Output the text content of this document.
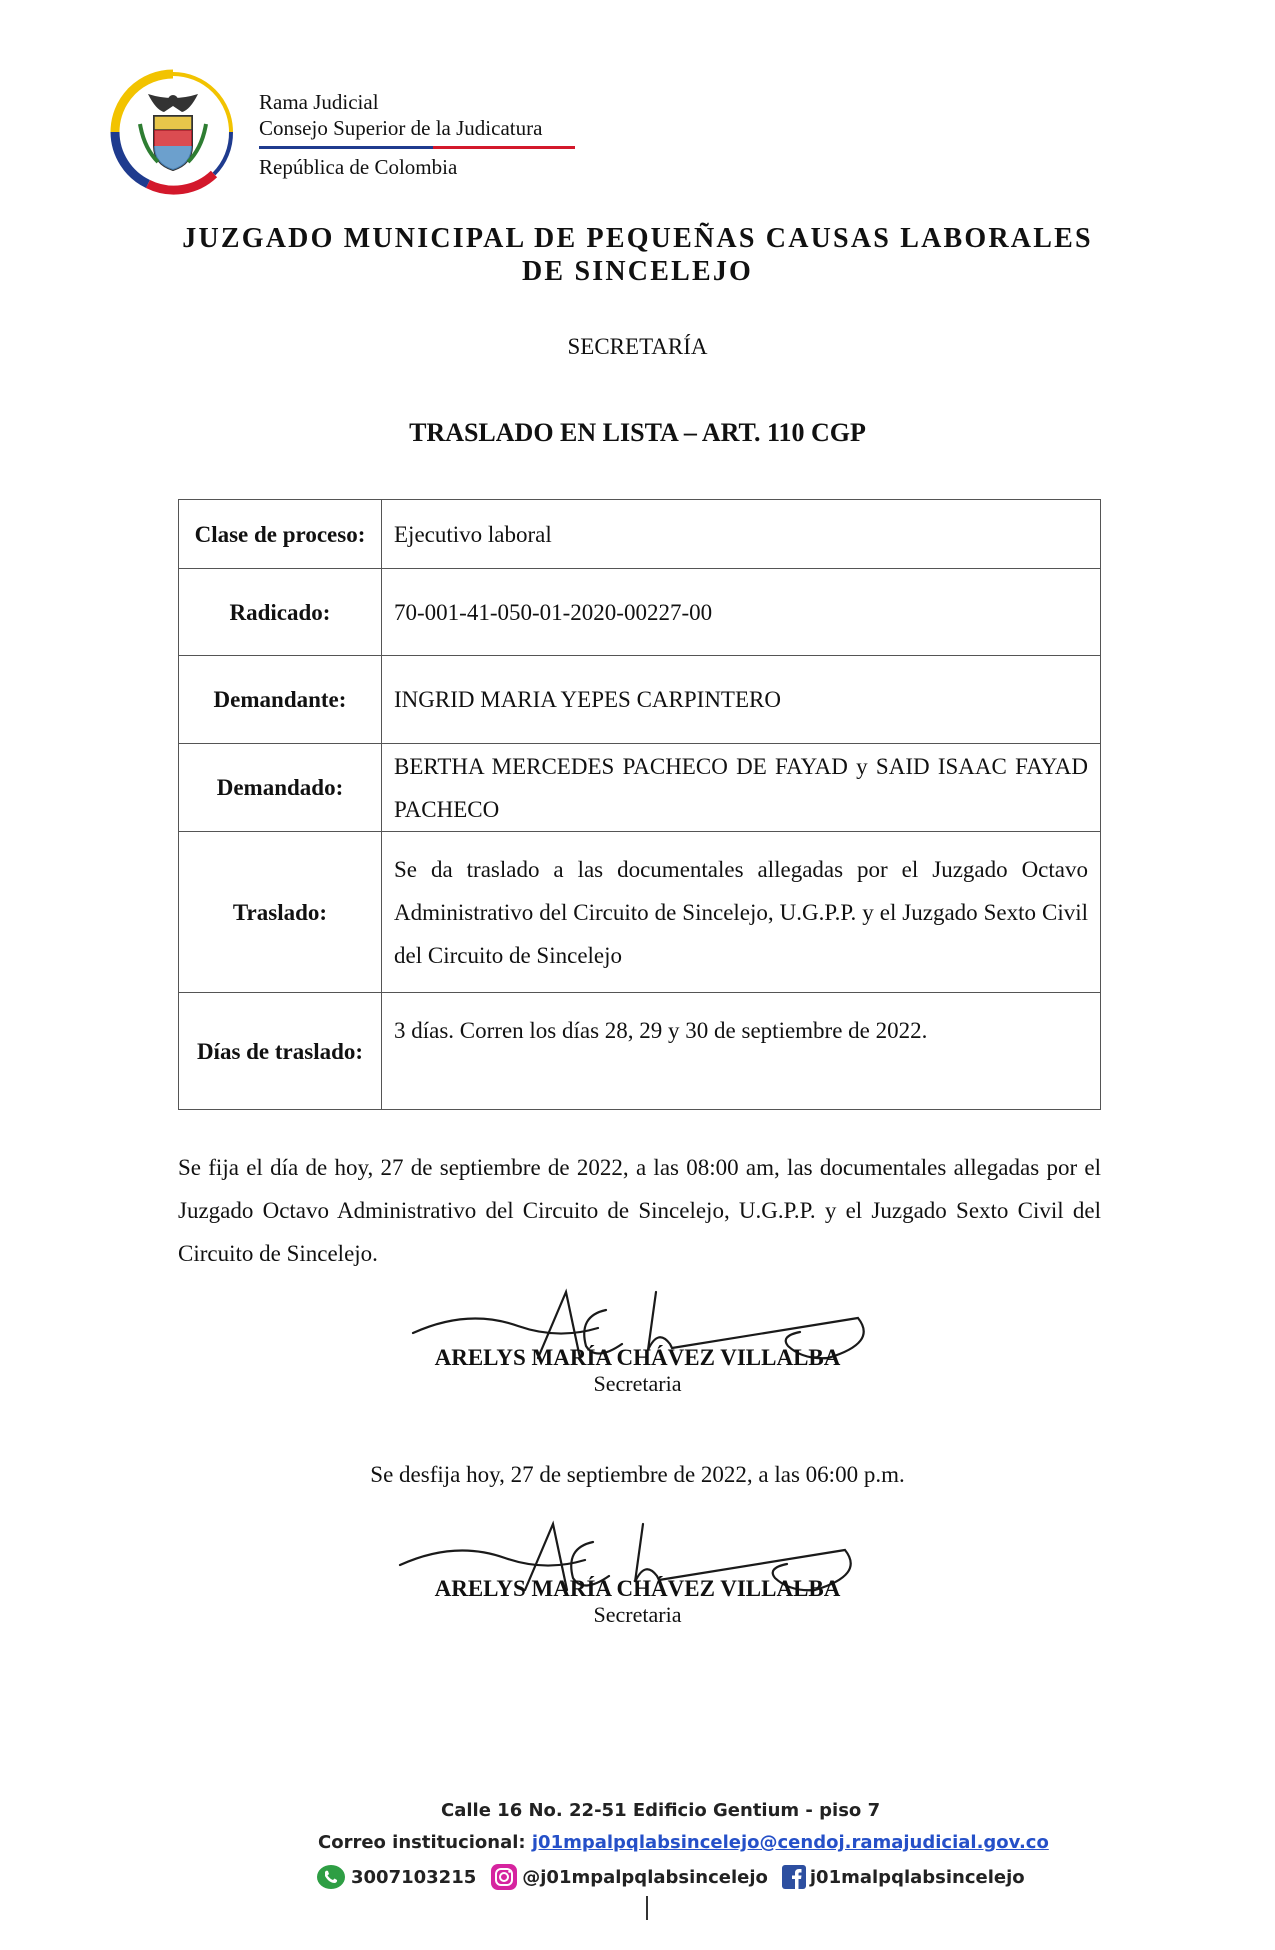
Rama Judicial
Consejo Superior de la Judicatura
República de Colombia
JUZGADO MUNICIPAL DE PEQUEÑAS CAUSAS LABORALES
DE SINCELEJO
SECRETARÍA
TRASLADO EN LISTA – ART. 110 CGP
Clase de proceso:	Ejecutivo laboral
Radicado:	70-001-41-050-01-2020-00227-00
Demandante:	INGRID MARIA YEPES CARPINTERO
Demandado:	BERTHA MERCEDES PACHECO DE FAYAD y SAID ISAAC FAYAD PACHECO
Traslado:	Se da traslado a las documentales allegadas por el Juzgado Octavo Administrativo del Circuito de Sincelejo, U.G.P.P. y el Juzgado Sexto Civil del Circuito de Sincelejo
Días de traslado:	3 días. Corren los días 28, 29 y 30 de septiembre de 2022.
Se fija el día de hoy, 27 de septiembre de 2022, a las 08:00 am, las documentales allegadas por el Juzgado Octavo Administrativo del Circuito de Sincelejo, U.G.P.P. y el Juzgado Sexto Civil del Circuito de Sincelejo.
ARELYS MARÍA CHÁVEZ VILLALBA
Secretaria
Se desfija hoy, 27 de septiembre de 2022, a las 06:00 p.m.
ARELYS MARÍA CHÁVEZ VILLALBA
Secretaria
Calle 16 No. 22-51 Edificio Gentium - piso 7
Correo institucional: j01mpalpqlabsincelejo@cendoj.ramajudicial.gov.co
3007103215	@j01mpalpqlabsincelejo j01malpqlabsincelejo
